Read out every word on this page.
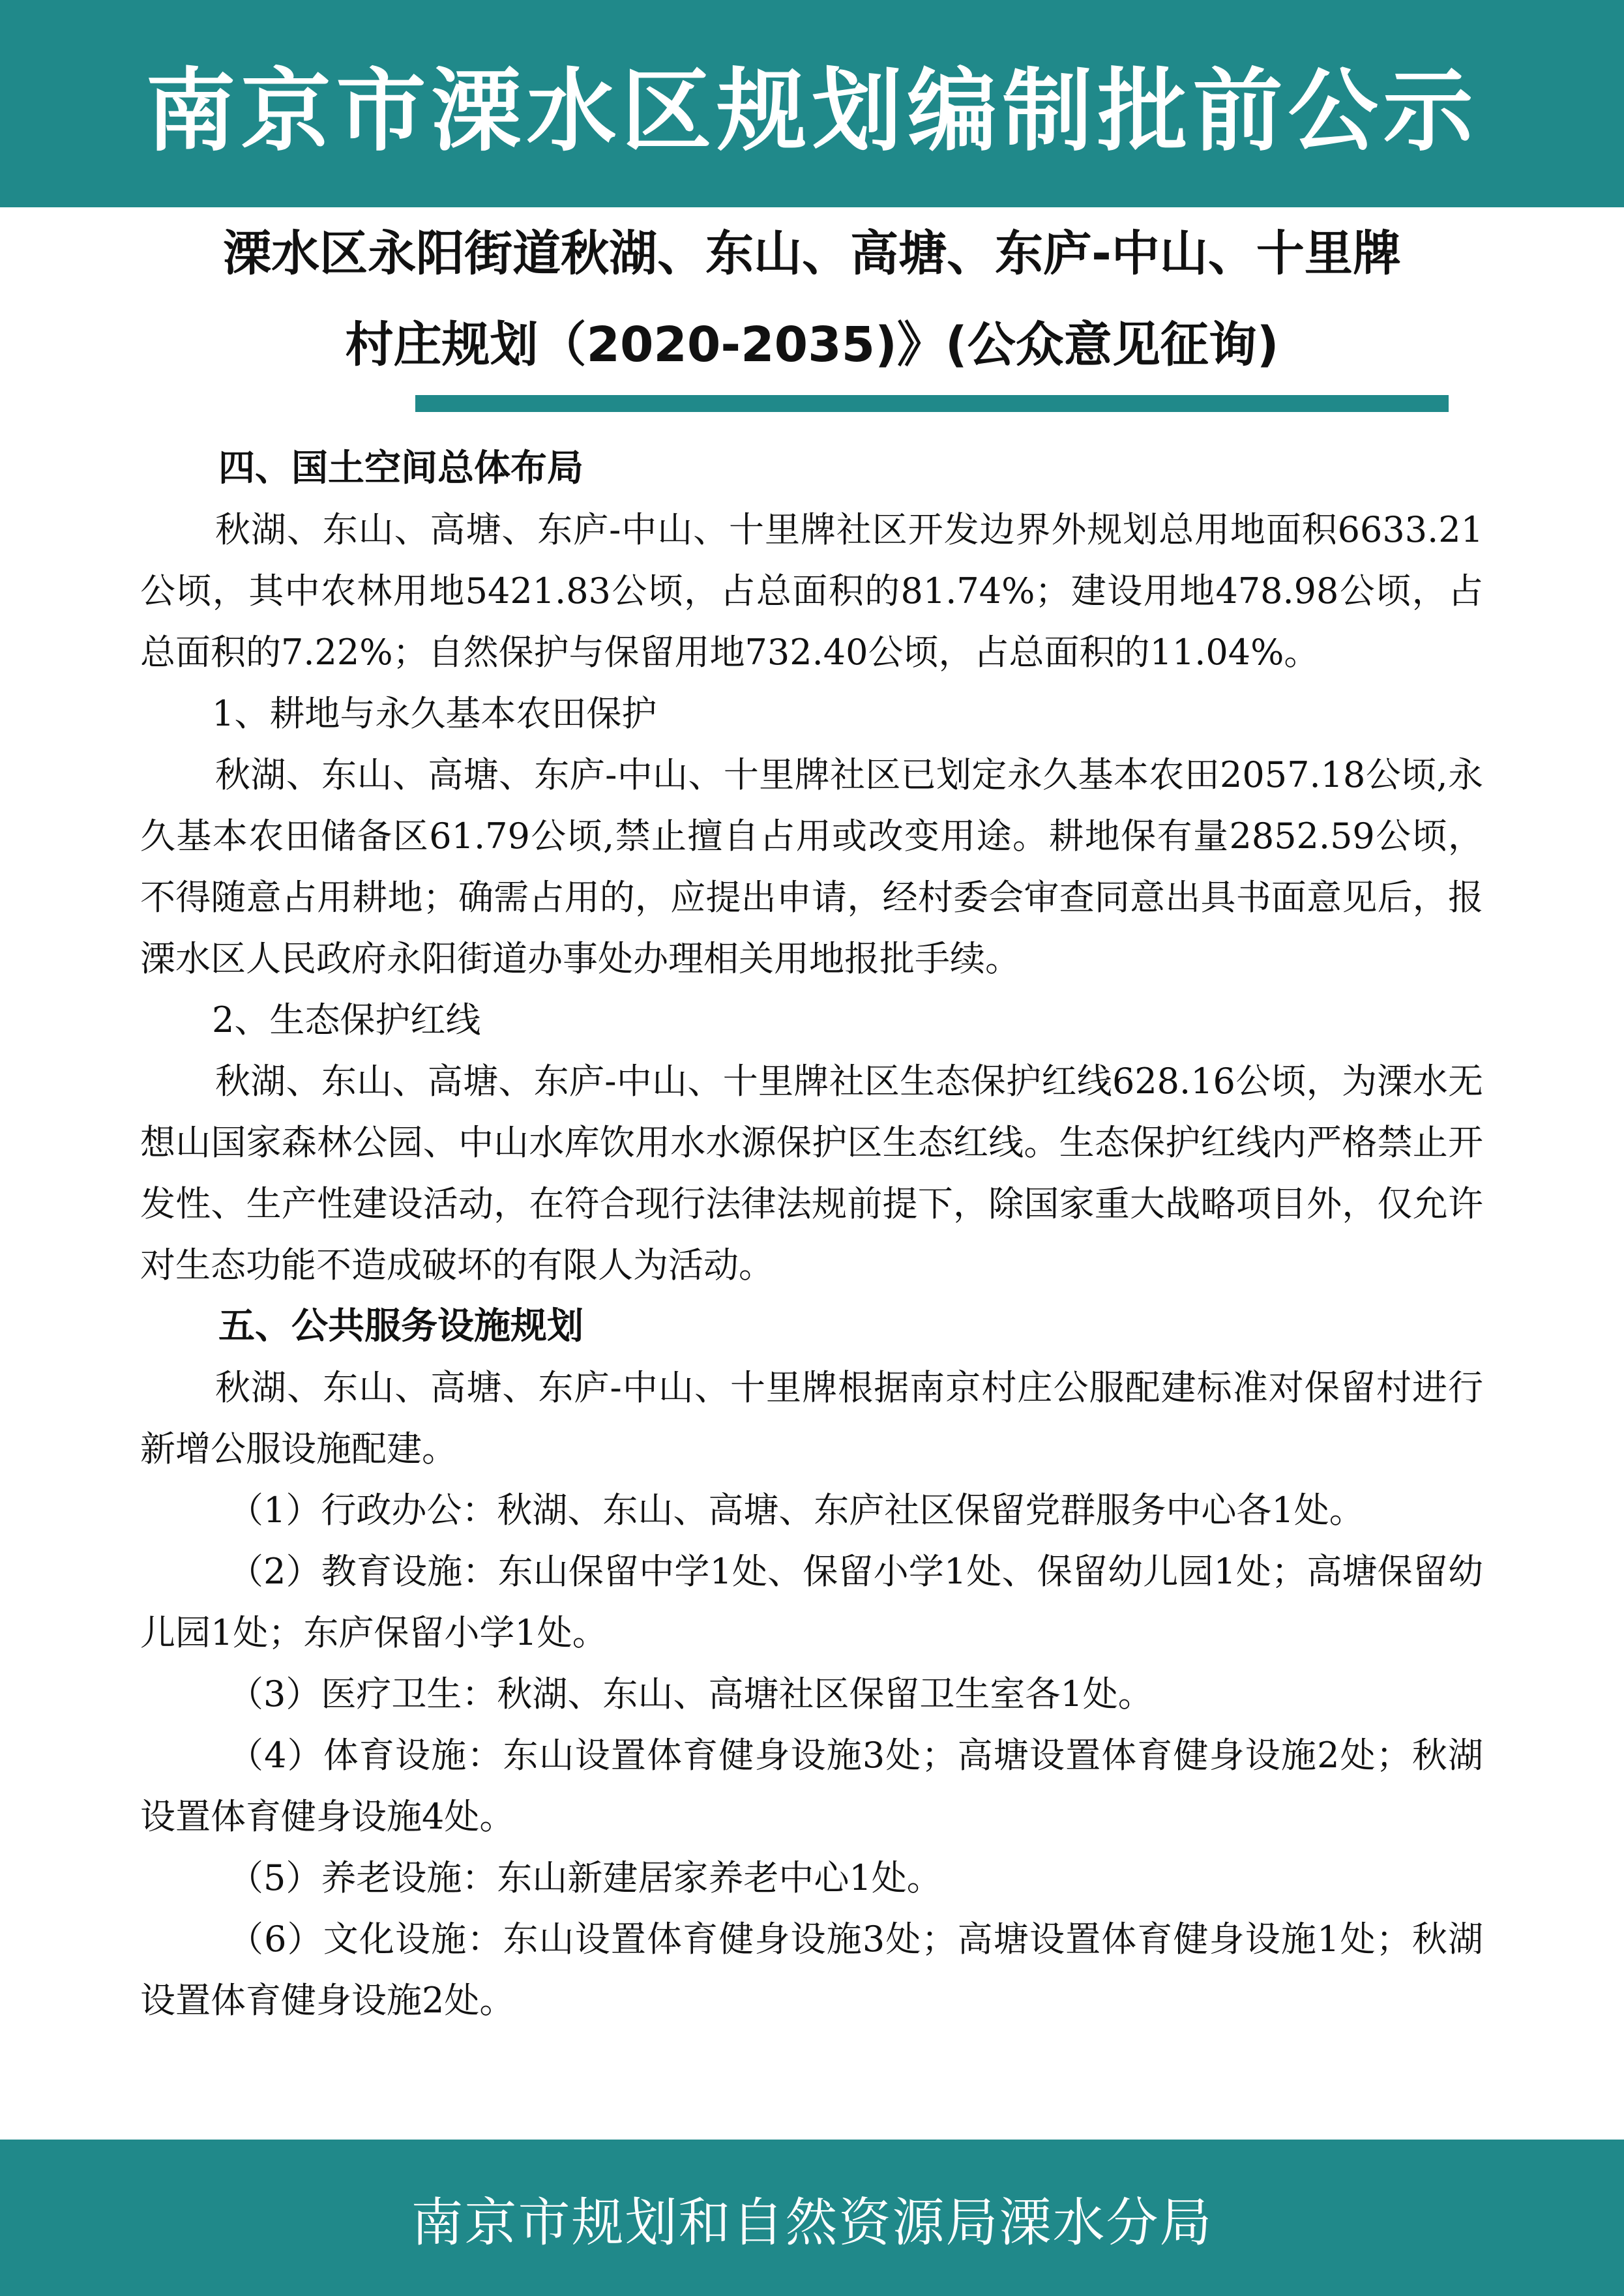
南京市溧水区规划编制批前公示
溧水区永阳街道秋湖、东山、高塘、东庐-中山、十里牌
村庄规划（2020-2035)》(公众意见征询)

四、国土空间总体布局

秋湖、东山、高塘、东庐-中山、十里牌社区开发边界外规划总用地面积6633.21公顷，其中农林用地5421.83公顷，占总面积的81.74%；建设用地478.98公顷，占总面积的7.22%；自然保护与保留用地732.40公顷，占总面积的11.04%。

1、耕地与永久基本农田保护

秋湖、东山、高塘、东庐-中山、十里牌社区已划定永久基本农田2057.18公顷,永久基本农田储备区61.79公顷,禁止擅自占用或改变用途。耕地保有量2852.59公顷，不得随意占用耕地；确需占用的，应提出申请，经村委会审查同意出具书面意见后，报溧水区人民政府永阳街道办事处办理相关用地报批手续。

2、生态保护红线

秋湖、东山、高塘、东庐-中山、十里牌社区生态保护红线628.16公顷，为溧水无想山国家森林公园、中山水库饮用水水源保护区生态红线。生态保护红线内严格禁止开发性、生产性建设活动，在符合现行法律法规前提下，除国家重大战略项目外，仅允许对生态功能不造成破坏的有限人为活动。

五、公共服务设施规划

秋湖、东山、高塘、东庐-中山、十里牌根据南京村庄公服配建标准对保留村进行新增公服设施配建。

（1）行政办公：秋湖、东山、高塘、东庐社区保留党群服务中心各1处。

（2）教育设施：东山保留中学1处、保留小学1处、保留幼儿园1处；高塘保留幼儿园1处；东庐保留小学1处。

（3）医疗卫生：秋湖、东山、高塘社区保留卫生室各1处。

（4）体育设施：东山设置体育健身设施3处；高塘设置体育健身设施2处；秋湖设置体育健身设施4处。

（5）养老设施：东山新建居家养老中心1处。

（6）文化设施：东山设置体育健身设施3处；高塘设置体育健身设施1处；秋湖设置体育健身设施2处。

南京市规划和自然资源局溧水分局
